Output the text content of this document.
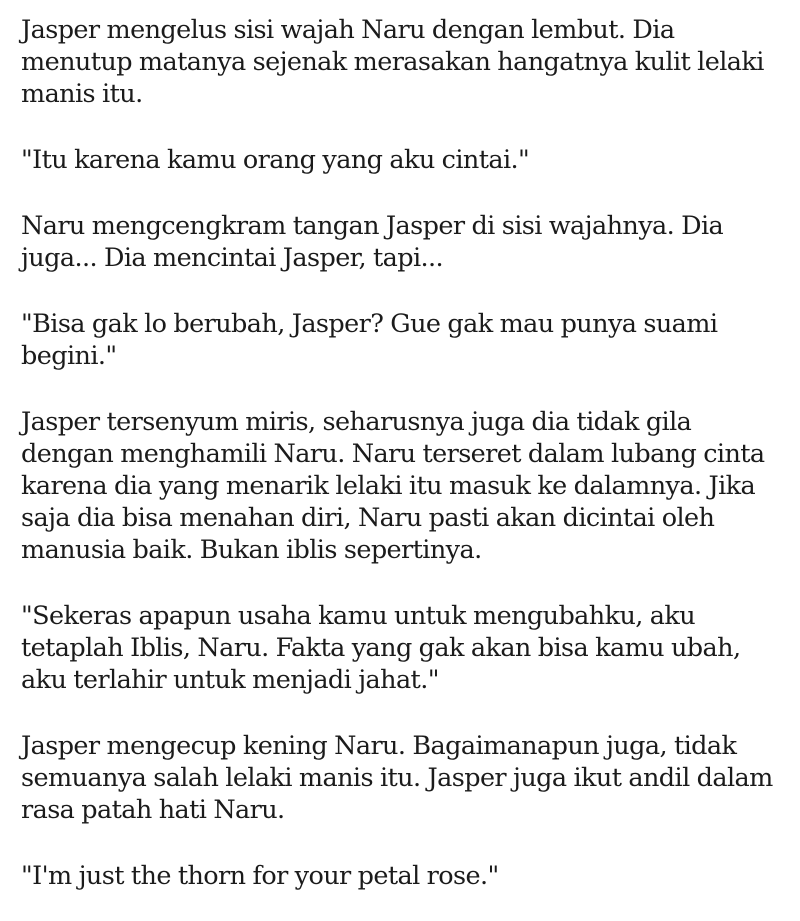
Jasper mengelus sisi wajah Naru dengan lembut. Dia menutup matanya sejenak merasakan hangatnya kulit lelaki manis itu.

"Itu karena kamu orang yang aku cintai."

Naru mengcengkram tangan Jasper di sisi wajahnya. Dia juga... Dia mencintai Jasper, tapi...

"Bisa gak lo berubah, Jasper? Gue gak mau punya suami begini."

Jasper tersenyum miris, seharusnya juga dia tidak gila dengan menghamili Naru. Naru terseret dalam lubang cinta karena dia yang menarik lelaki itu masuk ke dalamnya. Jika saja dia bisa menahan diri, Naru pasti akan dicintai oleh manusia baik. Bukan iblis sepertinya.

"Sekeras apapun usaha kamu untuk mengubahku, aku tetaplah Iblis, Naru. Fakta yang gak akan bisa kamu ubah, aku terlahir untuk menjadi jahat."

Jasper mengecup kening Naru. Bagaimanapun juga, tidak semuanya salah lelaki manis itu. Jasper juga ikut andil dalam rasa patah hati Naru.

"I'm just the thorn for your petal rose."
